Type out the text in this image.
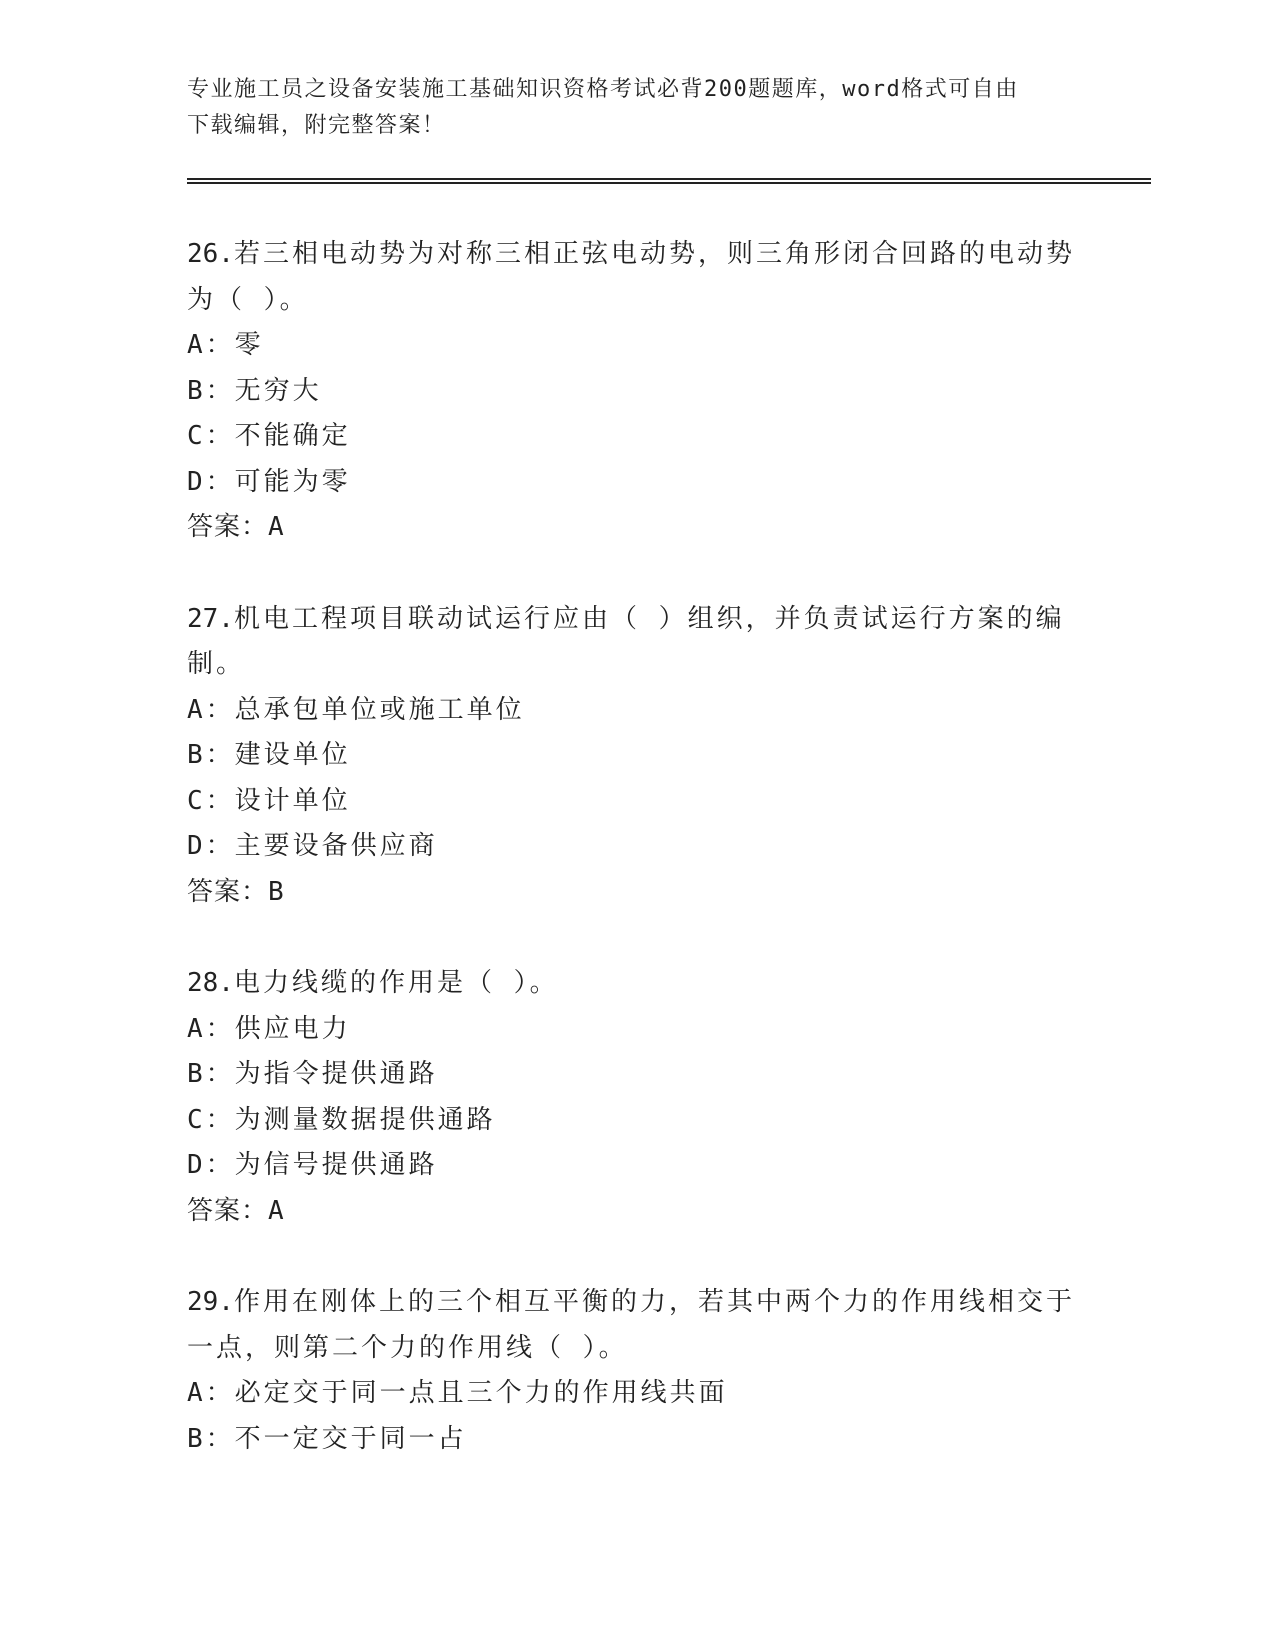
专业施工员之设备安装施工基础知识资格考试必背200题题库，word格式可自由
下载编辑，附完整答案！

26.若三相电动势为对称三相正弦电动势，则三角形闭合回路的电动势

为（ ）。

A：零

B：无穷大

C：不能确定

D：可能为零

答案：A

27.机电工程项目联动试运行应由（ ）组织，并负责试运行方案的编

制。

A：总承包单位或施工单位

B：建设单位

C：设计单位

D：主要设备供应商

答案：B

28.电力线缆的作用是（ ）。

A：供应电力

B：为指令提供通路

C：为测量数据提供通路

D：为信号提供通路

答案：A

29.作用在刚体上的三个相互平衡的力，若其中两个力的作用线相交于

一点，则第二个力的作用线（ ）。

A：必定交于同一点且三个力的作用线共面

B：不一定交于同一占
